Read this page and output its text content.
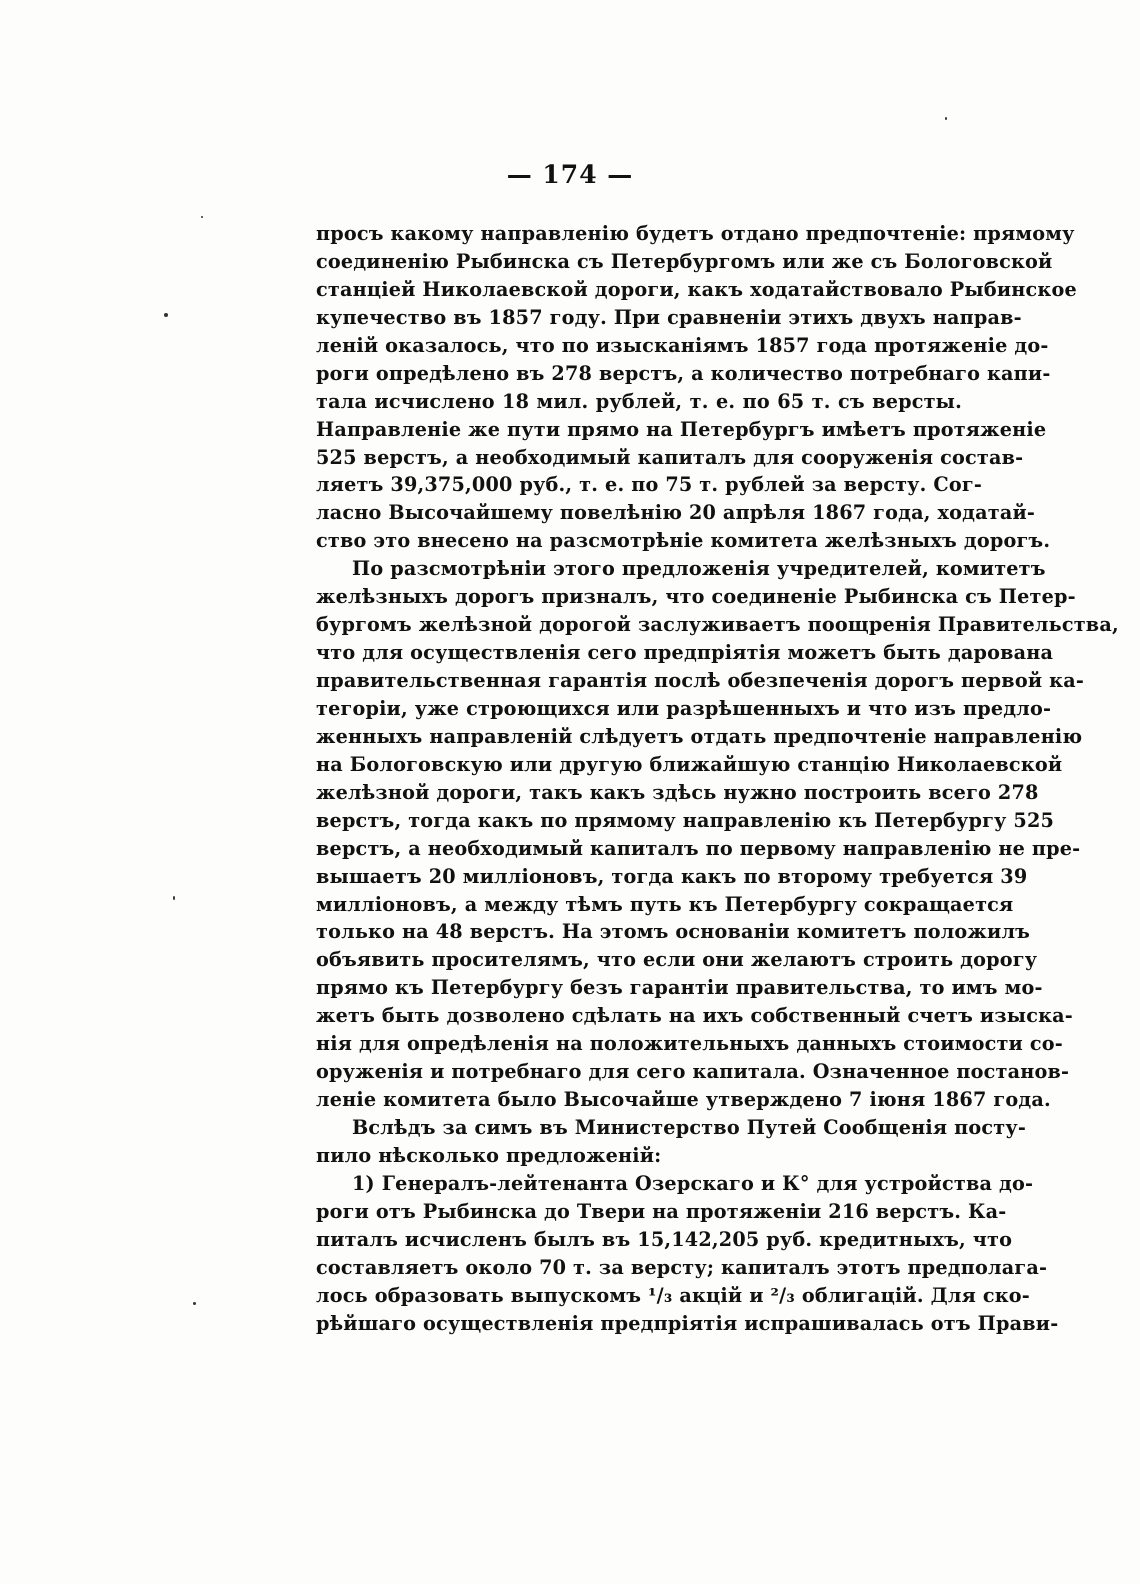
— 174 —
просъ какому направленію будетъ отдано предпочтеніе: прямому
соединенію Рыбинска съ Петербургомъ или же съ Бологовской
станціей Николаевской дороги, какъ ходатайствовало Рыбинское
купечество въ 1857 году. При сравненіи этихъ двухъ направ-
леній оказалось, что по изысканіямъ 1857 года протяженіе до-
роги опредѣлено въ 278 верстъ, а количество потребнаго капи-
тала исчислено 18 мил. рублей, т. е. по 65 т. съ версты.
Направленіе же пути прямо на Петербургъ имѣетъ протяженіе
525 верстъ, а необходимый капиталъ для сооруженія состав-
ляетъ 39,375,000 руб., т. е. по 75 т. рублей за версту. Сог-
ласно Высочайшему повелѣнію 20 апрѣля 1867 года, ходатай-
ство это внесено на разсмотрѣніе комитета желѣзныхъ дорогъ.
По разсмотрѣніи этого предложенія учредителей, комитетъ
желѣзныхъ дорогъ призналъ, что соединеніе Рыбинска съ Петер-
бургомъ желѣзной дорогой заслуживаетъ поощренія Правительства,
что для осуществленія сего предпріятія можетъ быть дарована
правительственная гарантія послѣ обезпеченія дорогъ первой ка-
тегоріи, уже строющихся или разрѣшенныхъ и что изъ предло-
женныхъ направленій слѣдуетъ отдать предпочтеніе направленію
на Бологовскую или другую ближайшую станцію Николаевской
желѣзной дороги, такъ какъ здѣсь нужно построить всего 278
верстъ, тогда какъ по прямому направленію къ Петербургу 525
верстъ, а необходимый капиталъ по первому направленію не пре-
вышаетъ 20 милліоновъ, тогда какъ по второму требуется 39
милліоновъ, а между тѣмъ путь къ Петербургу сокращается
только на 48 верстъ. На этомъ основаніи комитетъ положилъ
объявить просителямъ, что если они желаютъ строить дорогу
прямо къ Петербургу безъ гарантіи правительства, то имъ мо-
жетъ быть дозволено сдѣлать на ихъ собственный счетъ изыска-
нія для опредѣленія на положительныхъ данныхъ стоимости со-
оруженія и потребнаго для сего капитала. Означенное постанов-
леніе комитета было Высочайше утверждено 7 іюня 1867 года.
Вслѣдъ за симъ въ Министерство Путей Сообщенія посту-
пило нѣсколько предложеній:
1) Генералъ-лейтенанта Озерскаго и К° для устройства до-
роги отъ Рыбинска до Твери на протяженіи 216 верстъ. Ка-
питалъ исчисленъ былъ въ 15,142,205 руб. кредитныхъ, что
составляетъ около 70 т. за версту; капиталъ этотъ предполага-
лось образовать выпускомъ ¹/₃ акцій и ²/₃ облигацій. Для ско-
рѣйшаго осуществленія предпріятія испрашивалась отъ Прави-
